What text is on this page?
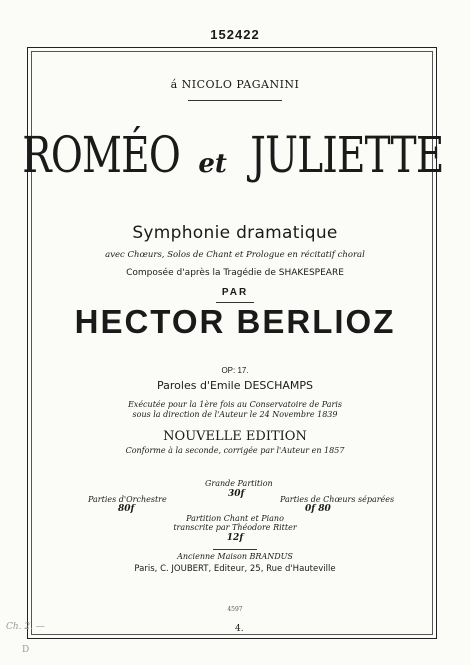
152422
á NICOLO PAGANINI
ROMÉO et JULIETTE
Symphonie dramatique
avec Chœurs, Solos de Chant et Prologue en récitatif choral
Composée d'après la Tragédie de SHAKESPEARE
PAR
HECTOR BERLIOZ
OP: 17.
Paroles d'Emile DESCHAMPS
Exécutée pour la 1ère fois au Conservatoire de Paris
sous la direction de l'Auteur le 24 Novembre 1839
NOUVELLE EDITION
Conforme à la seconde, corrigée par l'Auteur en 1857
Grande Partition
30f
Parties d'Orchestre
80f
Parties de Chœurs séparées
0f 80
Partition Chant et Piano
transcrite par Théodore Ritter
12f
Ancienne Maison BRANDUS
Paris, C. JOUBERT, Editeur, 25, Rue d'Hauteville
4597
4.
Ch. 2. —
D
